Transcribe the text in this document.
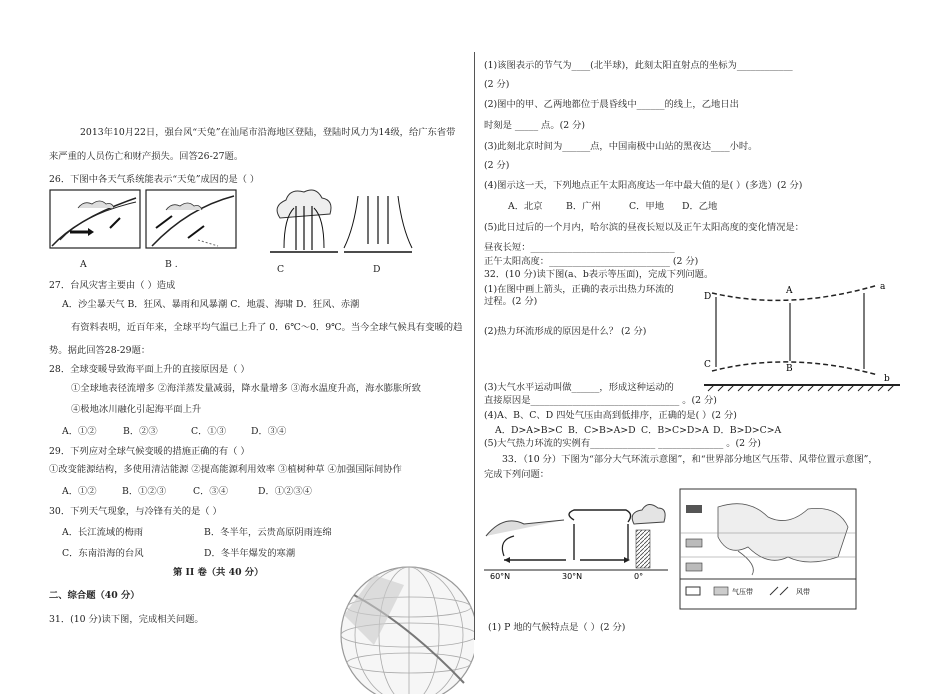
2013年10月22日，强台风“天兔”在汕尾市沿海地区登陆，登陆时风力为14级，给广东省带
来严重的人员伤亡和财产损失。回答26-27题。
26．下图中各天气系统能表示“天兔”成因的是（ ）
A	B .	C	D
27．台风灾害主要由（ ）造成
A．沙尘暴天气 B．狂风、暴雨和风暴潮 C．地震、海啸 D．狂风、赤潮
有资料表明，近百年来，全球平均气温已上升了 0．6℃～0．9℃。当今全球气候具有变暖的趋
势。据此回答28-29题：
28．全球变暖导致海平面上升的直接原因是（ ）
①全球地表径流增多 ②海洋蒸发量减弱，降水量增多 ③海水温度升高，海水膨胀所致
④极地冰川融化引起海平面上升
A．①②	B．②③	C．①③	D．③④
29．下列应对全球气候变暖的措施正确的有（ ）
①改变能源结构，多使用清洁能源 ②提高能源利用效率 ③植树种草 ④加强国际间协作
A．①②	B．①②③	C．③④	D．①②③④
30．下列天气现象，与冷锋有关的是（ ）
A．长江流域的梅雨	B．冬半年，云贵高原阴雨连绵
C．东南沿海的台风	D．冬半年爆发的寒潮
第 II 卷（共 40 分）
二、综合题（40 分）
31．(10 分)读下图，完成相关问题。
(1)该图表示的节气为____(北半球)，此刻太阳直射点的坐标为____________
(2 分)
(2)图中的甲、乙两地都位于晨昏线中______的线上，乙地日出
时刻是 _____ 点。(2 分)
(3)此刻北京时间为______点，中国南极中山站的黑夜达____小时。
(2 分)
(4)图示这一天，下列地点正午太阳高度达一年中最大值的是( ）(多选）(2 分)
A．北京	B．广州	C．甲地 D．乙地
(5)此日过后的一个月内，哈尔滨的昼夜长短以及正午太阳高度的变化情况是：
昼夜长短：_______________________________
正午太阳高度：__________________________ (2 分)
32．(10 分)读下图(a、b表示等压面)，完成下列问题。
(1)在图中画上箭头，正确的表示出热力环流的
过程。(2 分)
(2)热力环流形成的原因是什么？ (2 分)
(3)大气水平运动叫做______，形成这种运动的
直接原因是________________________________ 。(2 分)
(4)A、B、C、D 四处气压由高到低排序，正确的是( ）(2 分)
A．D>A>B>C B．C>B>A>D C．B>C>D>A D．B>D>C>A
(5)大气热力环流的实例有______________ ______________ 。(2 分)
33．（10 分）下图为“部分大气环流示意图”，和“世界部分地区气压带、风带位置示意图”，
完成下列问题：
(1) P 地的气候特点是（ ）(2 分)
D
A	a
C	B
b
60°N	30°N	0°
气压带	风带
